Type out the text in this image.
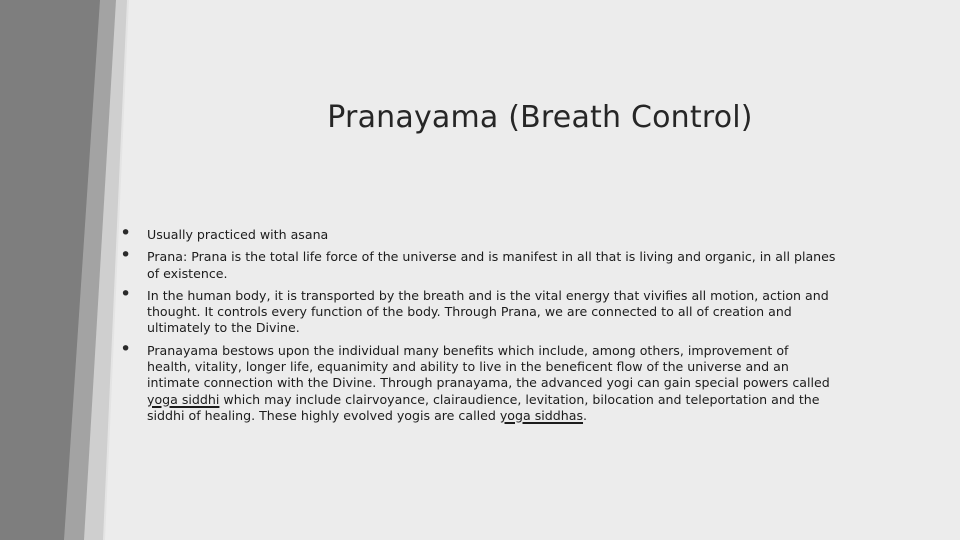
Pranayama (Breath Control)
• Usually practiced with asana
• Prana: Prana is the total life force of the universe and is manifest in all that is living and organic, in all planes
of existence.
• In the human body, it is transported by the breath and is the vital energy that vivifies all motion, action and
thought. It controls every function of the body. Through Prana, we are connected to all of creation and
ultimately to the Divine.
• Pranayama bestows upon the individual many benefits which include, among others, improvement of
health, vitality, longer life, equanimity and ability to live in the beneficent flow of the universe and an
intimate connection with the Divine. Through pranayama, the advanced yogi can gain special powers called
yoga siddhi which may include clairvoyance, clairaudience, levitation, bilocation and teleportation and the
siddhi of healing. These highly evolved yogis are called yoga siddhas.
